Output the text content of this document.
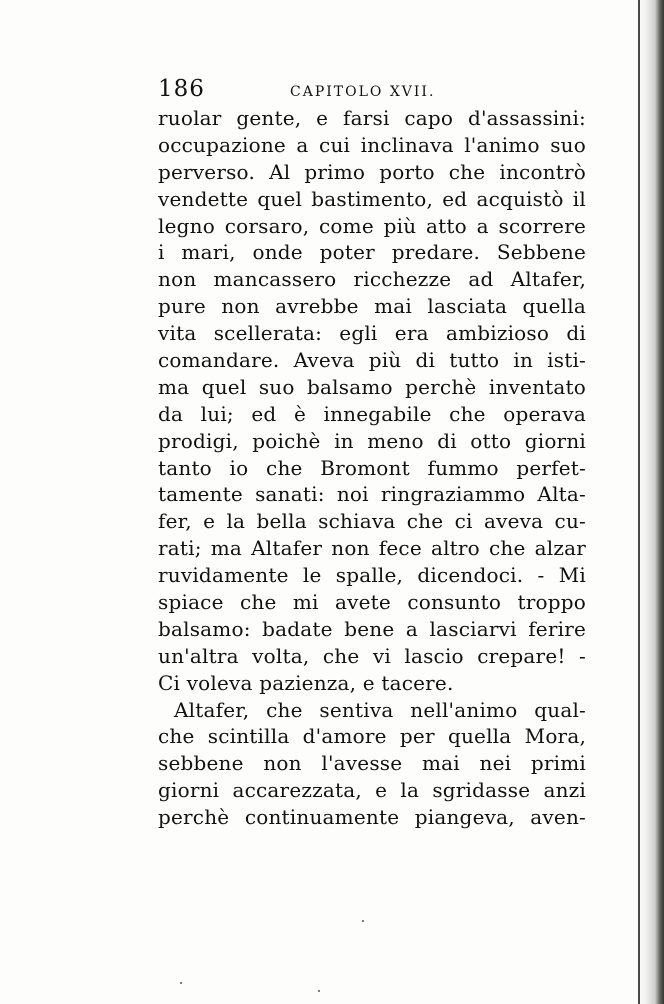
186	CAPITOLO XVII.
ruolar gente, e farsi capo d'assassini:
occupazione a cui inclinava l'animo suo
perverso. Al primo porto che incontrò
vendette quel bastimento, ed acquistò il
legno corsaro, come più atto a scorrere
i mari, onde poter predare. Sebbene
non mancassero ricchezze ad Altafer,
pure non avrebbe mai lasciata quella
vita scellerata: egli era ambizioso di
comandare. Aveva più di tutto in isti-
ma quel suo balsamo perchè inventato
da lui; ed è innegabile che operava
prodigi, poichè in meno di otto giorni
tanto io che Bromont fummo perfet-
tamente sanati: noi ringraziammo Alta-
fer, e la bella schiava che ci aveva cu-
rati; ma Altafer non fece altro che alzar
ruvidamente le spalle, dicendoci. - Mi
spiace che mi avete consunto troppo
balsamo: badate bene a lasciarvi ferire
un'altra volta, che vi lascio crepare! -
Ci voleva pazienza, e tacere.
Altafer, che sentiva nell'animo qual-
che scintilla d'amore per quella Mora,
sebbene non l'avesse mai nei primi
giorni accarezzata, e la sgridasse anzi
perchè continuamente piangeva, aven-
